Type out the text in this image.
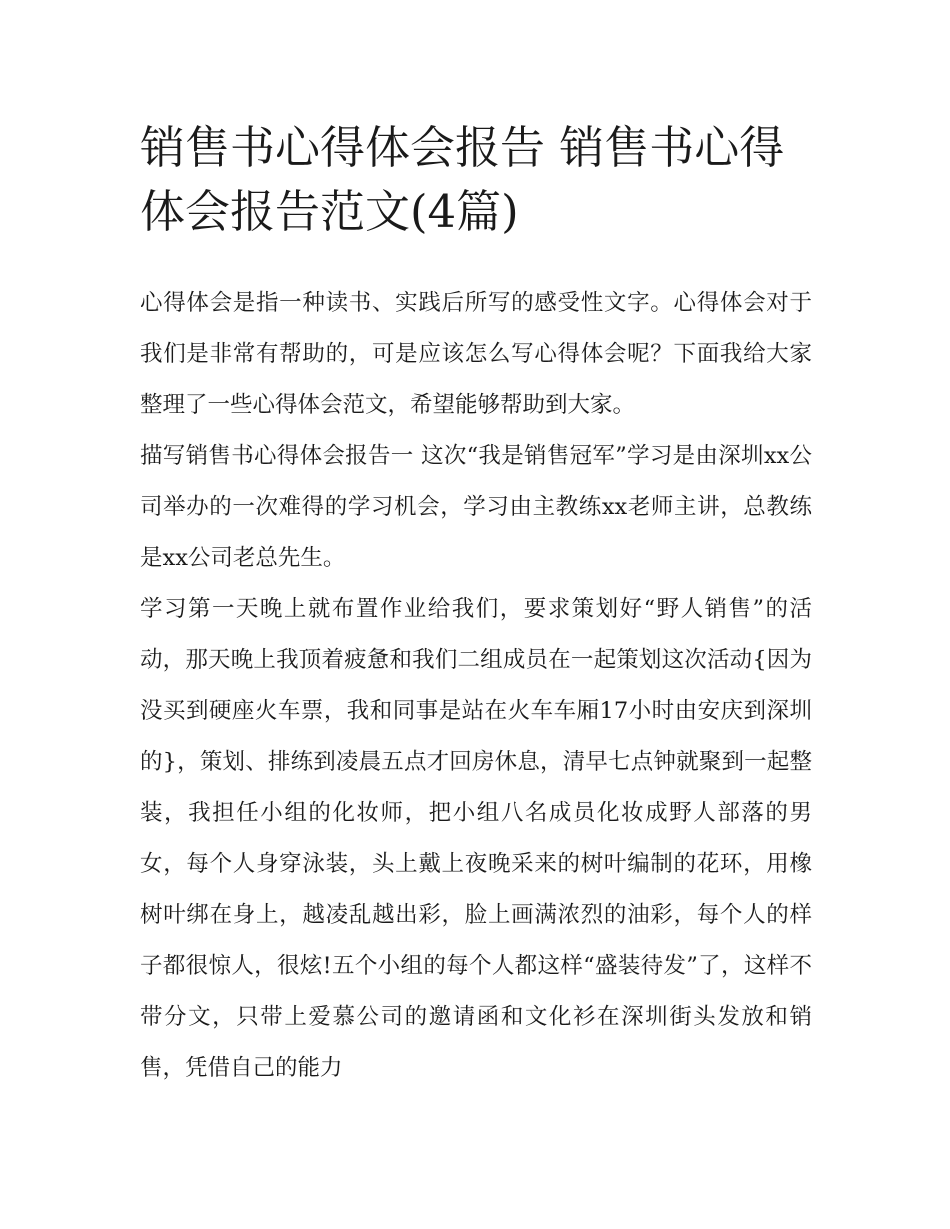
销售书心得体会报告 销售书心得体会报告范文(4篇)

心得体会是指一种读书、实践后所写的感受性文字。心得体会对于我们是非常有帮助的，可是应该怎么写心得体会呢？下面我给大家整理了一些心得体会范文，希望能够帮助到大家。

描写销售书心得体会报告一 这次“我是销售冠军”学习是由深圳xx公司举办的一次难得的学习机会，学习由主教练xx老师主讲，总教练是xx公司老总先生。

学习第一天晚上就布置作业给我们，要求策划好“野人销售”的活动，那天晚上我顶着疲惫和我们二组成员在一起策划这次活动{因为没买到硬座火车票，我和同事是站在火车车厢17小时由安庆到深圳的}，策划、排练到凌晨五点才回房休息，清早七点钟就聚到一起整装，我担任小组的化妆师，把小组八名成员化妆成野人部落的男女，每个人身穿泳装，头上戴上夜晚采来的树叶编制的花环，用橡树叶绑在身上，越凌乱越出彩，脸上画满浓烈的油彩，每个人的样子都很惊人，很炫!五个小组的每个人都这样“盛装待发”了，这样不带分文，只带上爱慕公司的邀请函和文化衫在深圳街头发放和销售，凭借自己的能力
